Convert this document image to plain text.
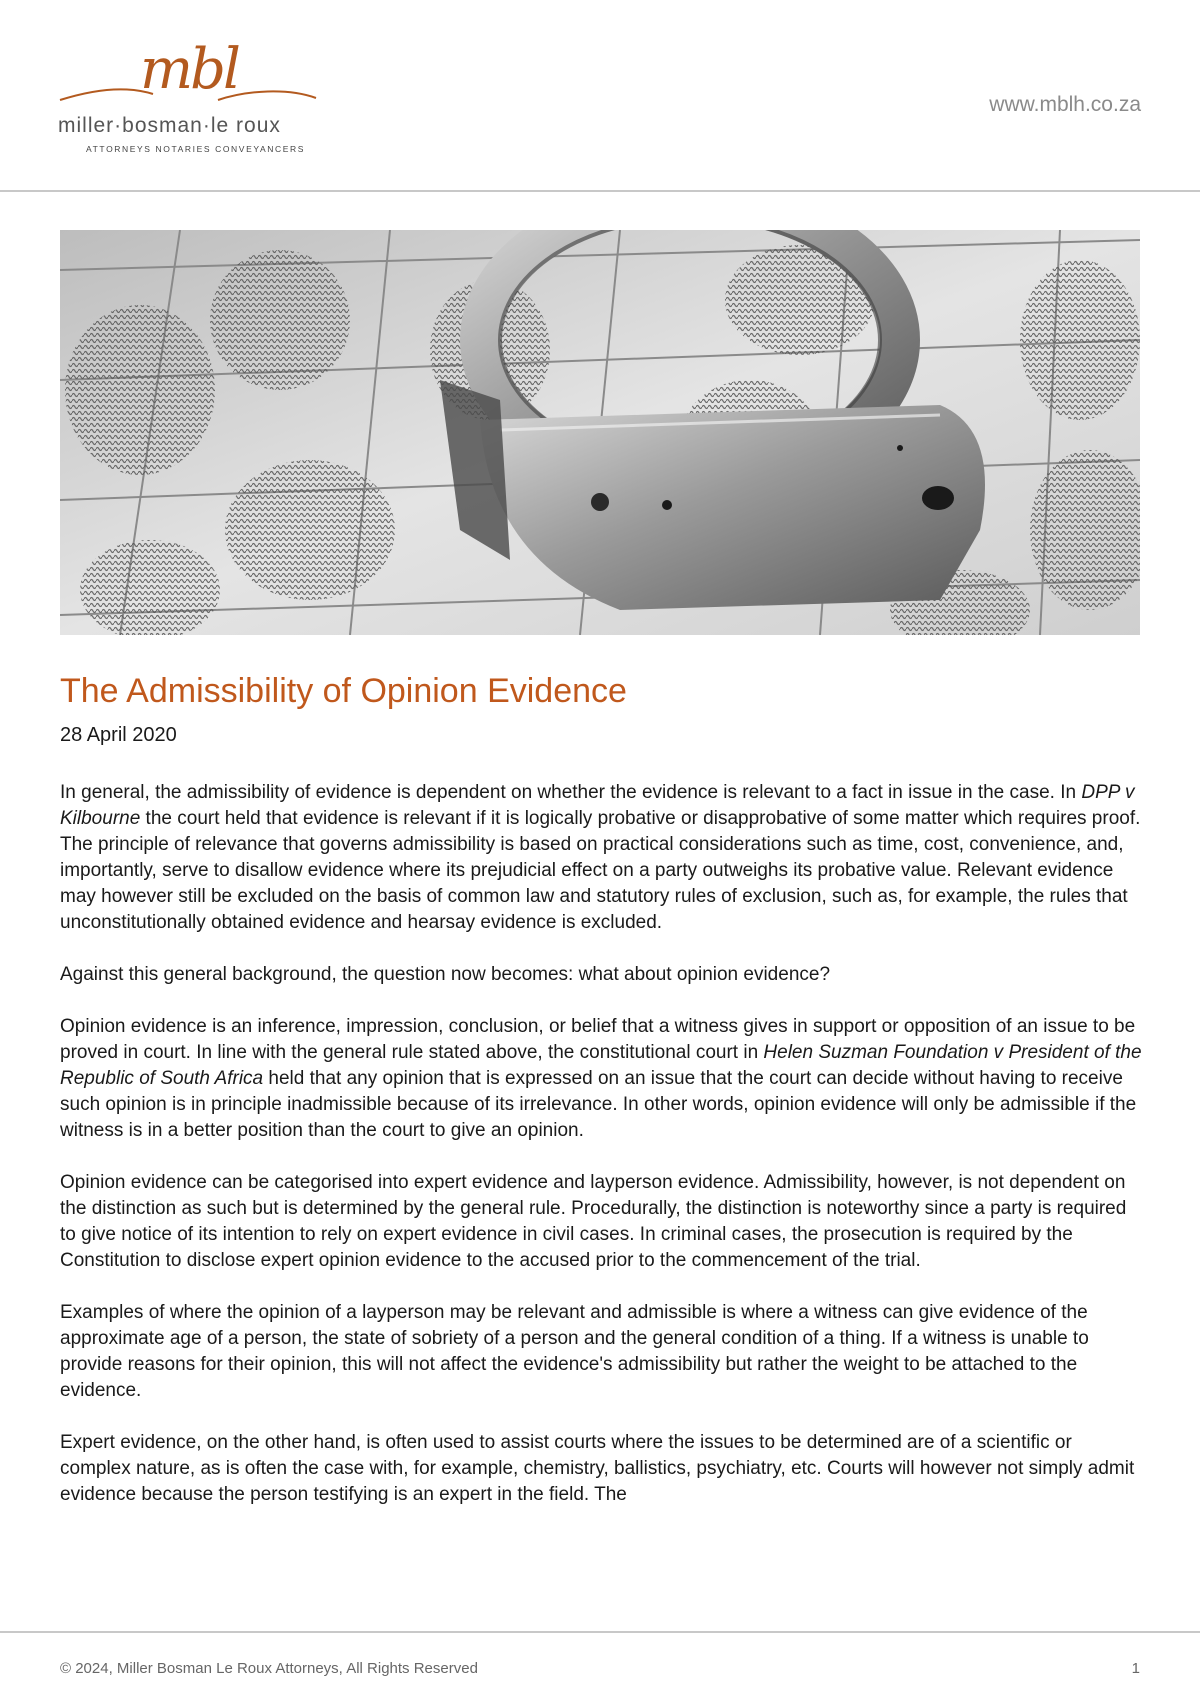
mbl
miller·bosman·le roux
ATTORNEYS NOTARIES CONVEYANCERS
www.mblh.co.za
The Admissibility of Opinion Evidence
28 April 2020

In general, the admissibility of evidence is dependent on whether the evidence is relevant to a fact in issue in the case. In DPP v Kilbourne the court held that evidence is relevant if it is logically probative or disapprobative of some matter which requires proof. The principle of relevance that governs admissibility is based on practical considerations such as time, cost, convenience, and, importantly, serve to disallow evidence where its prejudicial effect on a party outweighs its probative value. Relevant evidence may however still be excluded on the basis of common law and statutory rules of exclusion, such as, for example, the rules that unconstitutionally obtained evidence and hearsay evidence is excluded.

Against this general background, the question now becomes: what about opinion evidence?

Opinion evidence is an inference, impression, conclusion, or belief that a witness gives in support or opposition of an issue to be proved in court. In line with the general rule stated above, the constitutional court in Helen Suzman Foundation v President of the Republic of South Africa held that any opinion that is expressed on an issue that the court can decide without having to receive such opinion is in principle inadmissible because of its irrelevance. In other words, opinion evidence will only be admissible if the witness is in a better position than the court to give an opinion.

Opinion evidence can be categorised into expert evidence and layperson evidence. Admissibility, however, is not dependent on the distinction as such but is determined by the general rule. Procedurally, the distinction is noteworthy since a party is required to give notice of its intention to rely on expert evidence in civil cases. In criminal cases, the prosecution is required by the Constitution to disclose expert opinion evidence to the accused prior to the commencement of the trial.

Examples of where the opinion of a layperson may be relevant and admissible is where a witness can give evidence of the approximate age of a person, the state of sobriety of a person and the general condition of a thing. If a witness is unable to provide reasons for their opinion, this will not affect the evidence's admissibility but rather the weight to be attached to the evidence.

Expert evidence, on the other hand, is often used to assist courts where the issues to be determined are of a scientific or complex nature, as is often the case with, for example, chemistry, ballistics, psychiatry, etc. Courts will however not simply admit evidence because the person testifying is an expert in the field. The

© 2024, Miller Bosman Le Roux Attorneys, All Rights Reserved	1
